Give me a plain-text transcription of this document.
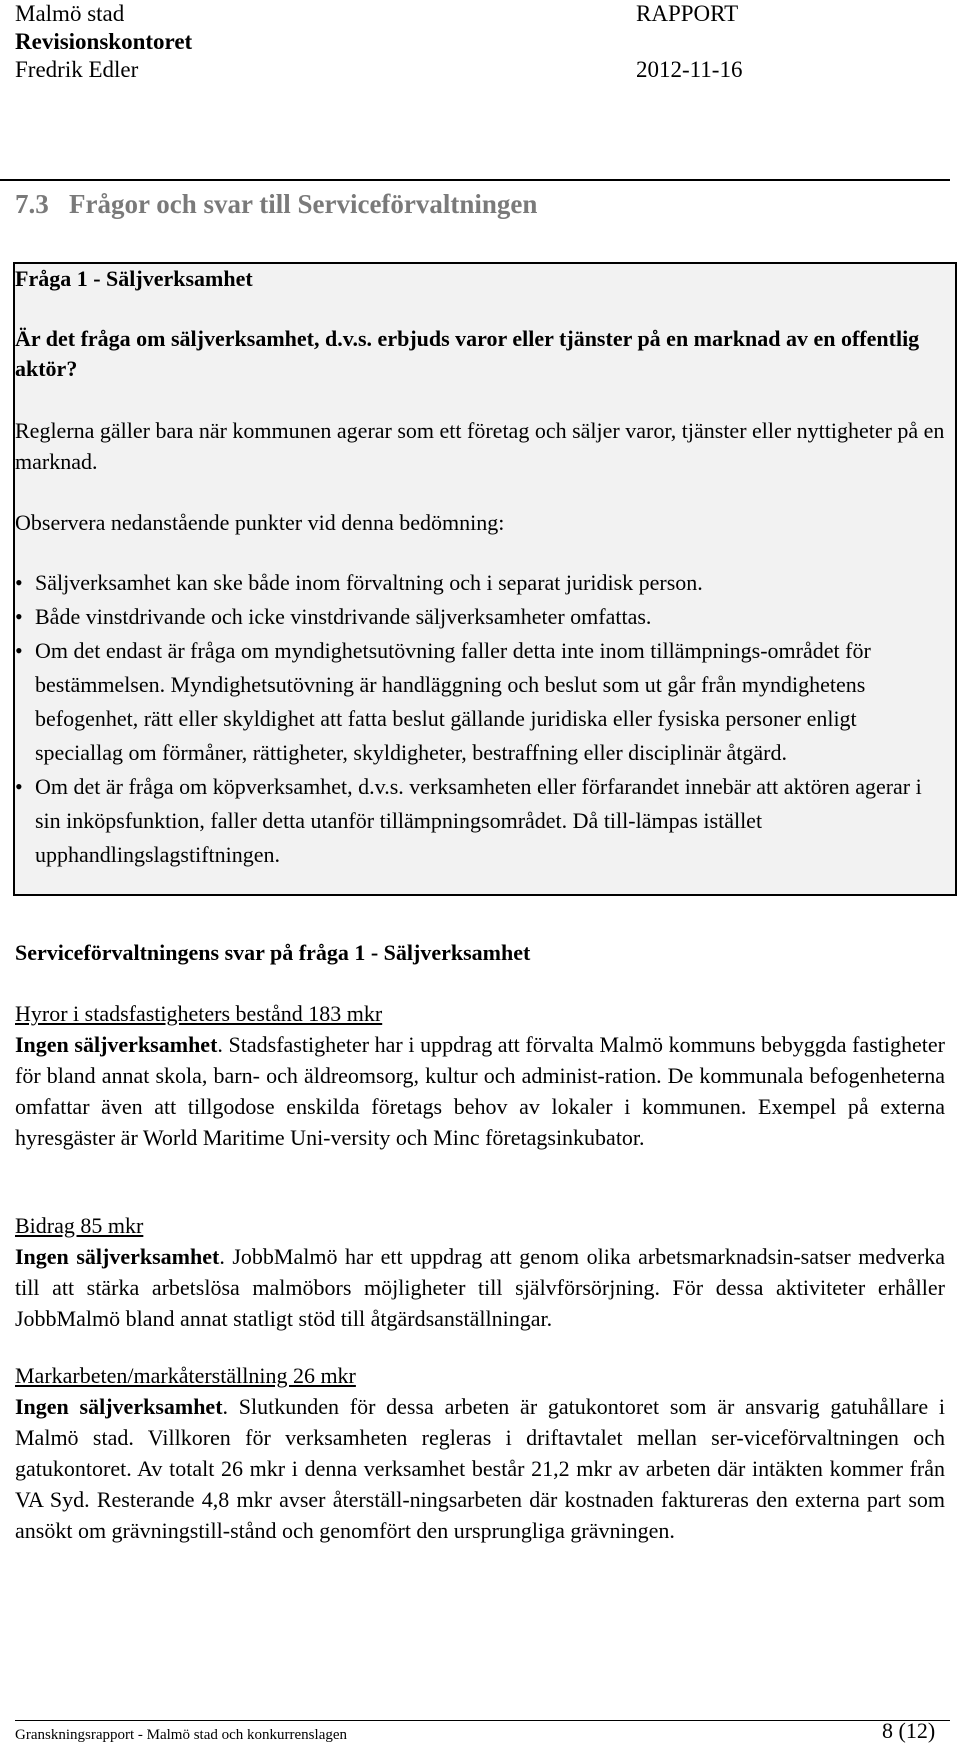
Malmö stad
Revisionskontoret
Fredrik Edler
RAPPORT
2012-11-16
7.3   Frågor och svar till Serviceförvaltningen
Fråga 1 - Säljverksamhet
Är det fråga om säljverksamhet, d.v.s. erbjuds varor eller tjänster på en marknad av en offentlig aktör?
Reglerna gäller bara när kommunen agerar som ett företag och säljer varor, tjänster eller nyttigheter på en marknad.
Observera nedanstående punkter vid denna bedömning:
• Säljverksamhet kan ske både inom förvaltning och i separat juridisk person.
• Både vinstdrivande och icke vinstdrivande säljverksamheter omfattas.
• Om det endast är fråga om myndighetsutövning faller detta inte inom tillämpnings-området för bestämmelsen. Myndighetsutövning är handläggning och beslut som ut går från myndighetens befogenhet, rätt eller skyldighet att fatta beslut gällande juridiska eller fysiska personer enligt speciallag om förmåner, rättigheter, skyldigheter, bestraffning eller disciplinär åtgärd.
• Om det är fråga om köpverksamhet, d.v.s. verksamheten eller förfarandet innebär att aktören agerar i sin inköpsfunktion, faller detta utanför tillämpningsområdet. Då till-lämpas istället upphandlingslagstiftningen.
Serviceförvaltningens svar på fråga 1 - Säljverksamhet
Hyror i stadsfastigheters bestånd 183 mkr
Ingen säljverksamhet. Stadsfastigheter har i uppdrag att förvalta Malmö kommuns bebyggda fastigheter för bland annat skola, barn- och äldreomsorg, kultur och administ-ration. De kommunala befogenheterna omfattar även att tillgodose enskilda företags behov av lokaler i kommunen. Exempel på externa hyresgäster är World Maritime Uni-versity och Minc företagsinkubator.
Bidrag 85 mkr
Ingen säljverksamhet. JobbMalmö har ett uppdrag att genom olika arbetsmarknadsin-satser medverka till att stärka arbetslösa malmöbors möjligheter till självförsörjning. För dessa aktiviteter erhåller JobbMalmö bland annat statligt stöd till åtgärdsanställningar.
Markarbeten/markåterställning 26 mkr
Ingen säljverksamhet. Slutkunden för dessa arbeten är gatukontoret som är ansvarig gatuhållare i Malmö stad. Villkoren för verksamheten regleras i driftavtalet mellan ser-viceförvaltningen och gatukontoret. Av totalt 26 mkr i denna verksamhet består 21,2 mkr av arbeten där intäkten kommer från VA Syd. Resterande 4,8 mkr avser återställ-ningsarbeten där kostnaden faktureras den externa part som ansökt om grävningstill-stånd och genomfört den ursprungliga grävningen.
Granskningsrapport - Malmö stad och konkurrenslagen	8 (12)
